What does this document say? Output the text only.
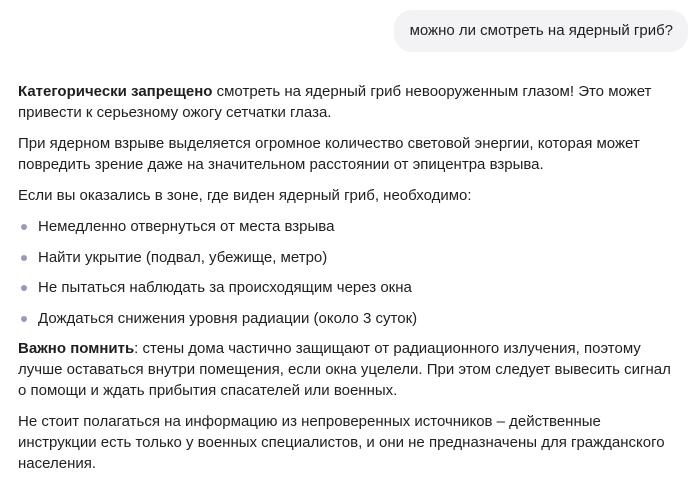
можно ли смотреть на ядерный гриб?

Категорически запрещено смотреть на ядерный гриб невооруженным глазом! Это может привести к серьезному ожогу сетчатки глаза.

При ядерном взрыве выделяется огромное количество световой энергии, которая может повредить зрение даже на значительном расстоянии от эпицентра взрыва.

Если вы оказались в зоне, где виден ядерный гриб, необходимо:

Немедленно отвернуться от места взрыва
Найти укрытие (подвал, убежище, метро)
Не пытаться наблюдать за происходящим через окна
Дождаться снижения уровня радиации (около 3 суток)

Важно помнить: стены дома частично защищают от радиационного излучения, поэтому лучше оставаться внутри помещения, если окна уцелели. При этом следует вывесить сигнал о помощи и ждать прибытия спасателей или военных.

Не стоит полагаться на информацию из непроверенных источников – действенные инструкции есть только у военных специалистов, и они не предназначены для гражданского населения.
